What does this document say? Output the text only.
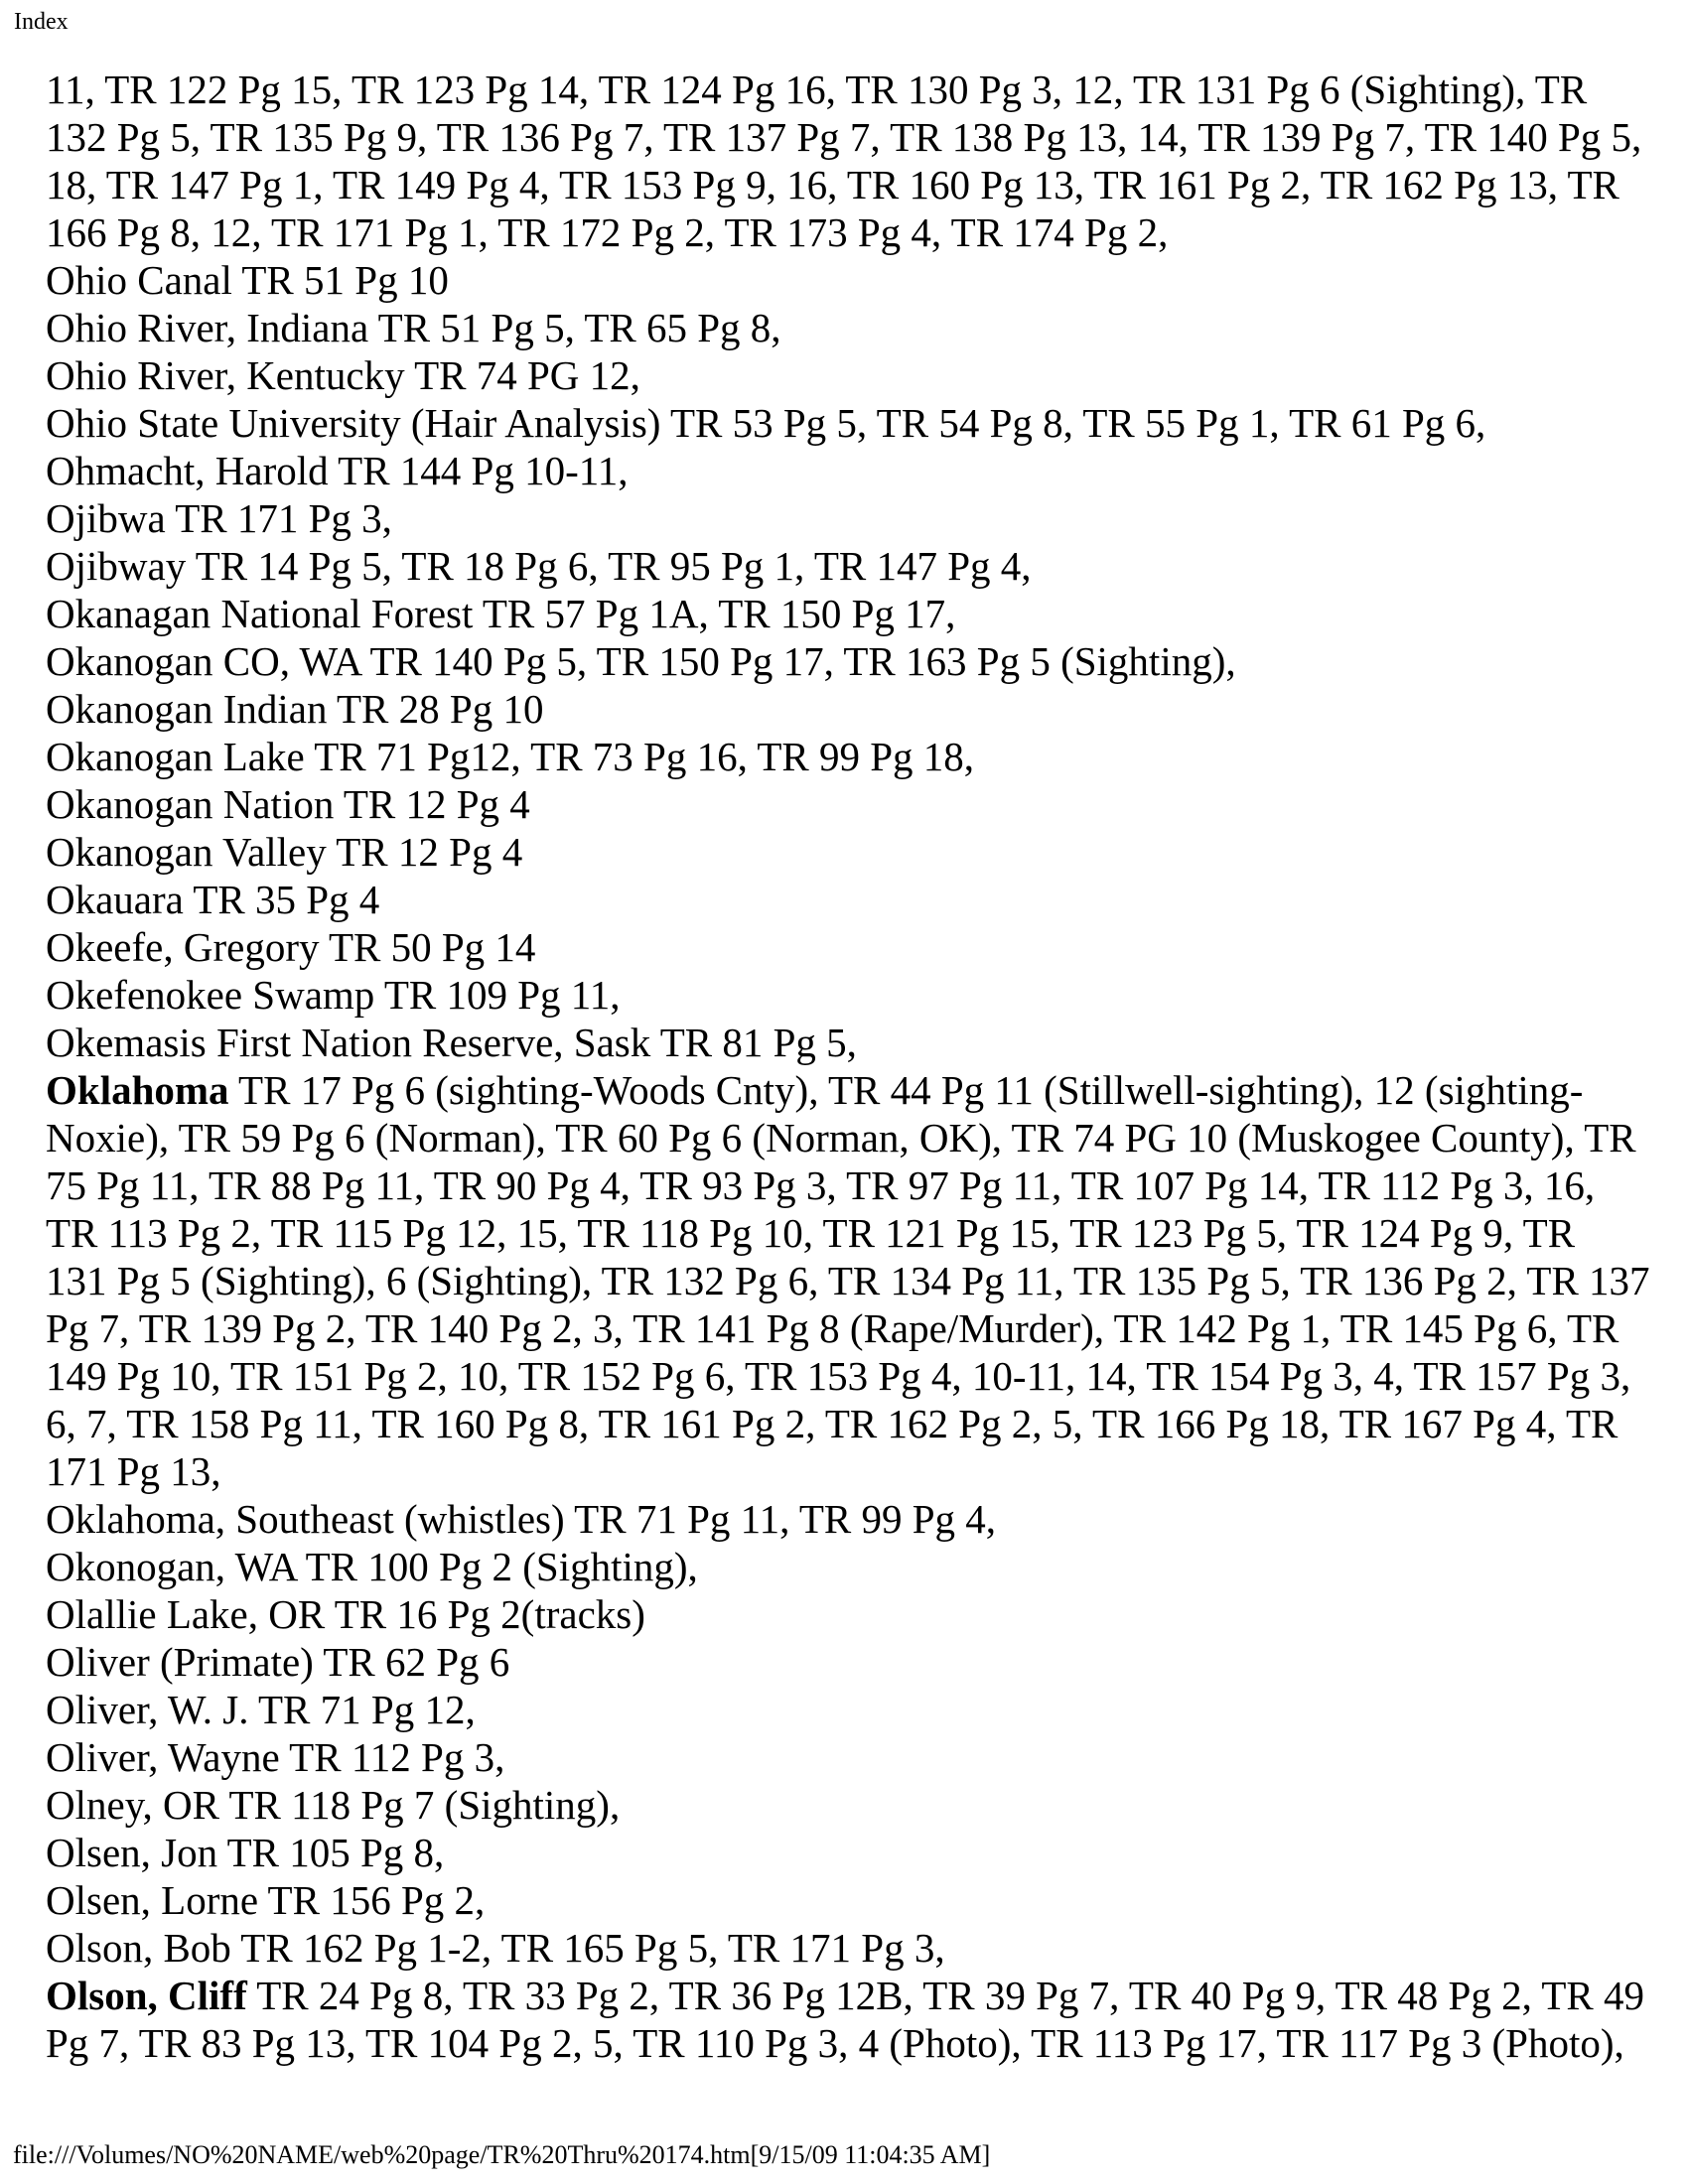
Index
11, TR 122 Pg 15, TR 123 Pg 14, TR 124 Pg 16, TR 130 Pg 3, 12, TR 131 Pg 6 (Sighting), TR
132 Pg 5, TR 135 Pg 9, TR 136 Pg 7, TR 137 Pg 7, TR 138 Pg 13, 14, TR 139 Pg 7, TR 140 Pg 5,
18, TR 147 Pg 1, TR 149 Pg 4, TR 153 Pg 9, 16, TR 160 Pg 13, TR 161 Pg 2, TR 162 Pg 13, TR
166 Pg 8, 12, TR 171 Pg 1, TR 172 Pg 2, TR 173 Pg 4, TR 174 Pg 2,
Ohio Canal TR 51 Pg 10
Ohio River, Indiana TR 51 Pg 5, TR 65 Pg 8,
Ohio River, Kentucky TR 74 PG 12,
Ohio State University (Hair Analysis) TR 53 Pg 5, TR 54 Pg 8, TR 55 Pg 1, TR 61 Pg 6,
Ohmacht, Harold TR 144 Pg 10-11,
Ojibwa TR 171 Pg 3,
Ojibway TR 14 Pg 5, TR 18 Pg 6, TR 95 Pg 1, TR 147 Pg 4,
Okanagan National Forest TR 57 Pg 1A, TR 150 Pg 17,
Okanogan CO, WA TR 140 Pg 5, TR 150 Pg 17, TR 163 Pg 5 (Sighting),
Okanogan Indian TR 28 Pg 10
Okanogan Lake TR 71 Pg12, TR 73 Pg 16, TR 99 Pg 18,
Okanogan Nation TR 12 Pg 4
Okanogan Valley TR 12 Pg 4
Okauara TR 35 Pg 4
Okeefe, Gregory TR 50 Pg 14
Okefenokee Swamp TR 109 Pg 11,
Okemasis First Nation Reserve, Sask TR 81 Pg 5,
Oklahoma TR 17 Pg 6 (sighting-Woods Cnty), TR 44 Pg 11 (Stillwell-sighting), 12 (sighting-
Noxie), TR 59 Pg 6 (Norman), TR 60 Pg 6 (Norman, OK), TR 74 PG 10 (Muskogee County), TR
75 Pg 11, TR 88 Pg 11, TR 90 Pg 4, TR 93 Pg 3, TR 97 Pg 11, TR 107 Pg 14, TR 112 Pg 3, 16,
TR 113 Pg 2, TR 115 Pg 12, 15, TR 118 Pg 10, TR 121 Pg 15, TR 123 Pg 5, TR 124 Pg 9, TR
131 Pg 5 (Sighting), 6 (Sighting), TR 132 Pg 6, TR 134 Pg 11, TR 135 Pg 5, TR 136 Pg 2, TR 137
Pg 7, TR 139 Pg 2, TR 140 Pg 2, 3, TR 141 Pg 8 (Rape/Murder), TR 142 Pg 1, TR 145 Pg 6, TR
149 Pg 10, TR 151 Pg 2, 10, TR 152 Pg 6, TR 153 Pg 4, 10-11, 14, TR 154 Pg 3, 4, TR 157 Pg 3,
6, 7, TR 158 Pg 11, TR 160 Pg 8, TR 161 Pg 2, TR 162 Pg 2, 5, TR 166 Pg 18, TR 167 Pg 4, TR
171 Pg 13,
Oklahoma, Southeast (whistles) TR 71 Pg 11, TR 99 Pg 4,
Okonogan, WA TR 100 Pg 2 (Sighting),
Olallie Lake, OR TR 16 Pg 2(tracks)
Oliver (Primate) TR 62 Pg 6
Oliver, W. J. TR 71 Pg 12,
Oliver, Wayne TR 112 Pg 3,
Olney, OR TR 118 Pg 7 (Sighting),
Olsen, Jon TR 105 Pg 8,
Olsen, Lorne TR 156 Pg 2,
Olson, Bob TR 162 Pg 1-2, TR 165 Pg 5, TR 171 Pg 3,
Olson, Cliff TR 24 Pg 8, TR 33 Pg 2, TR 36 Pg 12B, TR 39 Pg 7, TR 40 Pg 9, TR 48 Pg 2, TR 49
Pg 7, TR 83 Pg 13, TR 104 Pg 2, 5, TR 110 Pg 3, 4 (Photo), TR 113 Pg 17, TR 117 Pg 3 (Photo),
file:///Volumes/NO%20NAME/web%20page/TR%20Thru%20174.htm[9/15/09 11:04:35 AM]
